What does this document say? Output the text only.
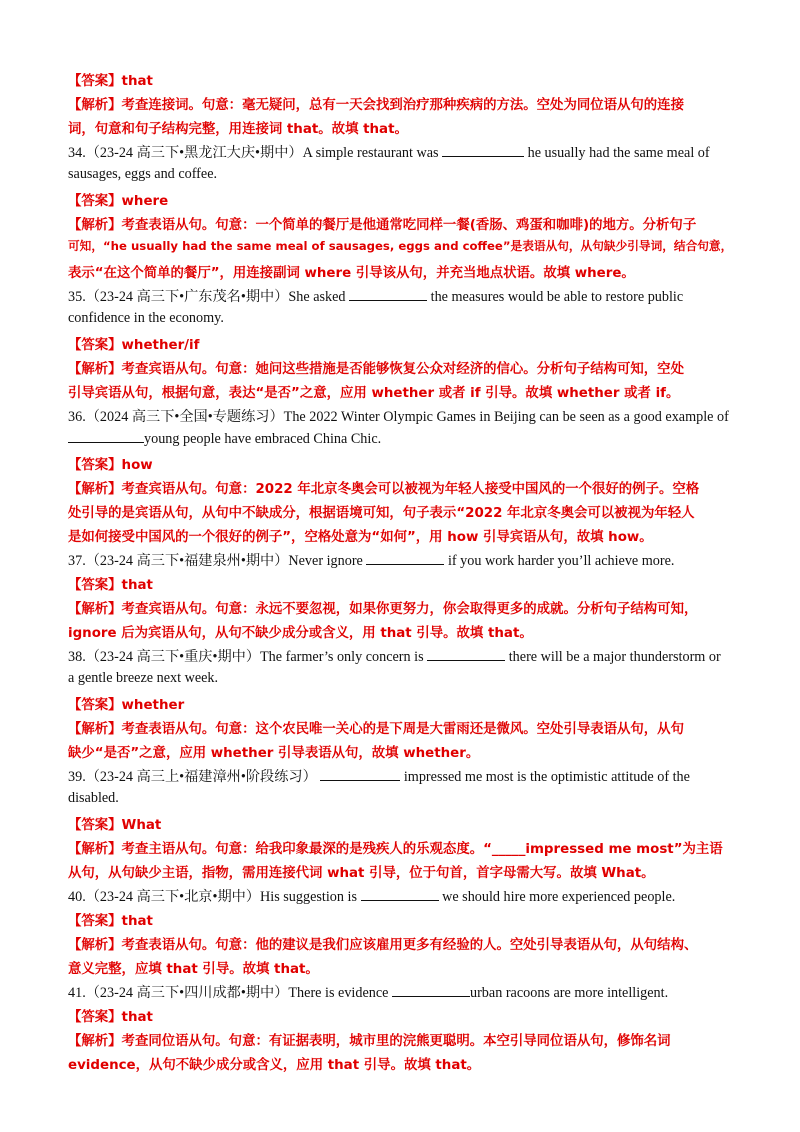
【答案】that
【解析】考查连接词。句意：毫无疑问，总有一天会找到治疗那种疾病的方法。空处为同位语从句的连接
词，句意和句子结构完整，用连接词 that。故填 that。
34.（23-24 高三下•黑龙江大庆•期中）A simple restaurant was	he usually had the same meal of
sausages, eggs and coffee.
【答案】where
【解析】考查表语从句。句意：一个简单的餐厅是他通常吃同样一餐(香肠、鸡蛋和咖啡)的地方。分析句子
可知，“he usually had the same meal of sausages, eggs and coffee”是表语从句，从句缺少引导词，结合句意，
表示“在这个简单的餐厅”，用连接副词 where 引导该从句，并充当地点状语。故填 where。
35.（23-24 高三下•广东茂名•期中）She asked	the measures would be able to restore public
confidence in the economy.
【答案】whether/if
【解析】考查宾语从句。句意：她问这些措施是否能够恢复公众对经济的信心。分析句子结构可知，空处
引导宾语从句，根据句意，表达“是否”之意，应用 whether 或者 if 引导。故填 whether 或者 if。
36.（2024 高三下•全国•专题练习）The 2022 Winter Olympic Games in Beijing can be seen as a good example of
young people have embraced China Chic.
【答案】how
【解析】考查宾语从句。句意：2022 年北京冬奥会可以被视为年轻人接受中国风的一个很好的例子。空格
处引导的是宾语从句，从句中不缺成分，根据语境可知，句子表示“2022 年北京冬奥会可以被视为年轻人
是如何接受中国风的一个很好的例子”，空格处意为“如何”，用 how 引导宾语从句，故填 how。
37.（23-24 高三下•福建泉州•期中）Never ignore	if you work harder you’ll achieve more.
【答案】that
【解析】考查宾语从句。句意：永远不要忽视，如果你更努力，你会取得更多的成就。分析句子结构可知，
ignore 后为宾语从句，从句不缺少成分或含义，用 that 引导。故填 that。
38.（23-24 高三下•重庆•期中）The farmer’s only concern is	there will be a major thunderstorm or
a gentle breeze next week.
【答案】whether
【解析】考查表语从句。句意：这个农民唯一关心的是下周是大雷雨还是微风。空处引导表语从句，从句
缺少“是否”之意，应用 whether 引导表语从句，故填 whether。
39.（23-24 高三上•福建漳州•阶段练习）	impressed me most is the optimistic attitude of the
disabled.
【答案】What
【解析】考查主语从句。句意：给我印象最深的是残疾人的乐观态度。“_____impressed me most”为主语
从句，从句缺少主语，指物，需用连接代词 what 引导，位于句首，首字母需大写。故填 What。
40.（23-24 高三下•北京•期中）His suggestion is	we should hire more experienced people.
【答案】that
【解析】考查表语从句。句意：他的建议是我们应该雇用更多有经验的人。空处引导表语从句，从句结构、
意义完整，应填 that 引导。故填 that。
41.（23-24 高三下•四川成都•期中）There is evidence	urban racoons are more intelligent.
【答案】that
【解析】考查同位语从句。句意：有证据表明，城市里的浣熊更聪明。本空引导同位语从句，修饰名词
evidence，从句不缺少成分或含义，应用 that 引导。故填 that。
